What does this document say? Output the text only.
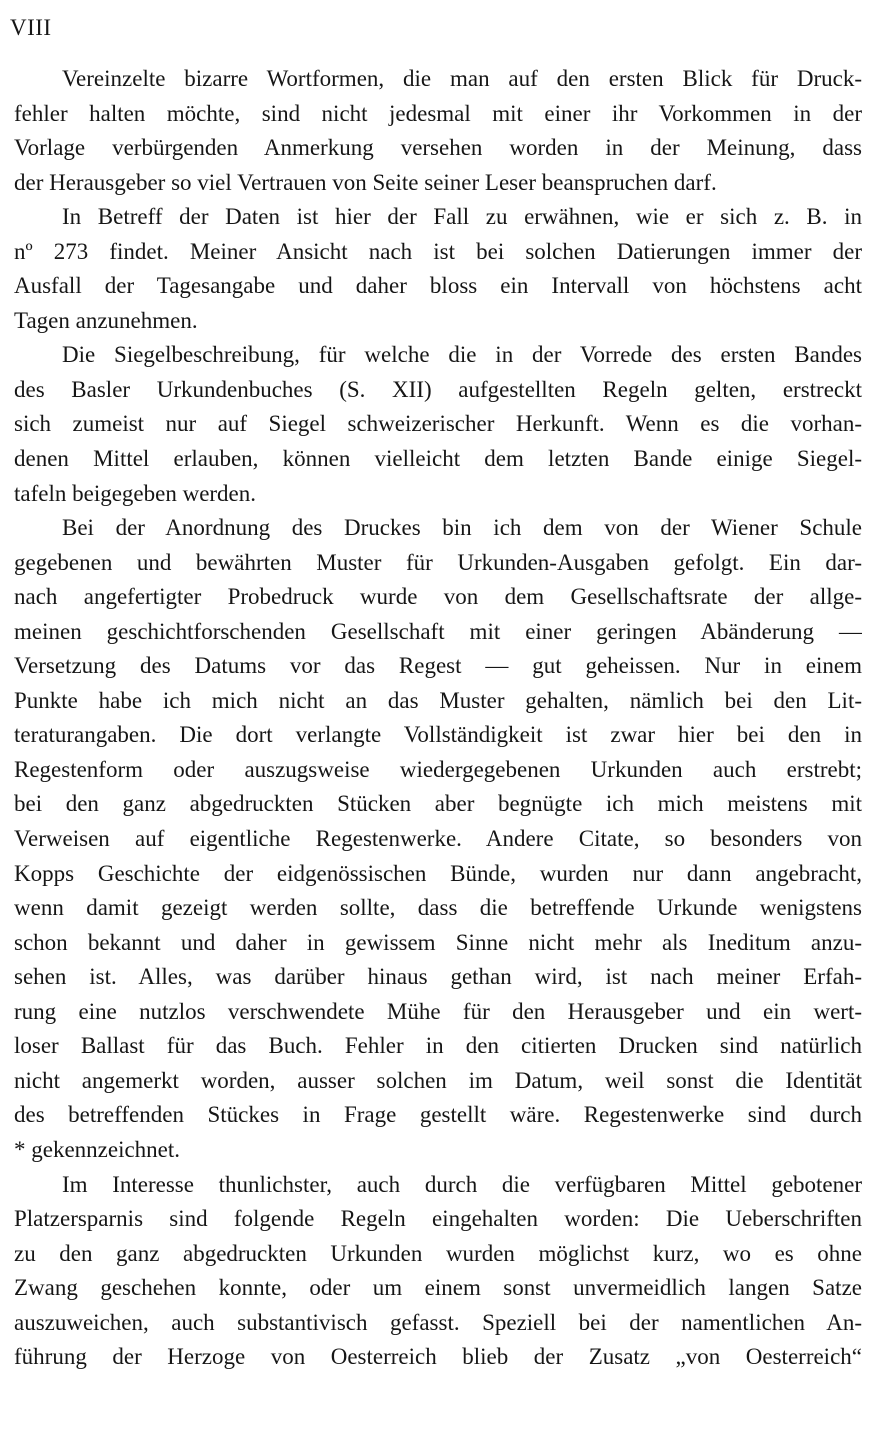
VIII
Vereinzelte bizarre Wortformen, die man auf den ersten Blick für Druck-
fehler halten möchte, sind nicht jedesmal mit einer ihr Vorkommen in der
Vorlage verbürgenden Anmerkung versehen worden in der Meinung, dass
der Herausgeber so viel Vertrauen von Seite seiner Leser beanspruchen darf.
In Betreff der Daten ist hier der Fall zu erwähnen, wie er sich z. B. in
nº 273 findet. Meiner Ansicht nach ist bei solchen Datierungen immer der
Ausfall der Tagesangabe und daher bloss ein Intervall von höchstens acht
Tagen anzunehmen.
Die Siegelbeschreibung, für welche die in der Vorrede des ersten Bandes
des Basler Urkundenbuches (S. XII) aufgestellten Regeln gelten, erstreckt
sich zumeist nur auf Siegel schweizerischer Herkunft. Wenn es die vorhan-
denen Mittel erlauben, können vielleicht dem letzten Bande einige Siegel-
tafeln beigegeben werden.
Bei der Anordnung des Druckes bin ich dem von der Wiener Schule
gegebenen und bewährten Muster für Urkunden-Ausgaben gefolgt. Ein dar-
nach angefertigter Probedruck wurde von dem Gesellschaftsrate der allge-
meinen geschichtforschenden Gesellschaft mit einer geringen Abänderung —
Versetzung des Datums vor das Regest — gut geheissen. Nur in einem
Punkte habe ich mich nicht an das Muster gehalten, nämlich bei den Lit-
teraturangaben. Die dort verlangte Vollständigkeit ist zwar hier bei den in
Regestenform oder auszugsweise wiedergegebenen Urkunden auch erstrebt;
bei den ganz abgedruckten Stücken aber begnügte ich mich meistens mit
Verweisen auf eigentliche Regestenwerke. Andere Citate, so besonders von
Kopps Geschichte der eidgenössischen Bünde, wurden nur dann angebracht,
wenn damit gezeigt werden sollte, dass die betreffende Urkunde wenigstens
schon bekannt und daher in gewissem Sinne nicht mehr als Ineditum anzu-
sehen ist. Alles, was darüber hinaus gethan wird, ist nach meiner Erfah-
rung eine nutzlos verschwendete Mühe für den Herausgeber und ein wert-
loser Ballast für das Buch. Fehler in den citierten Drucken sind natürlich
nicht angemerkt worden, ausser solchen im Datum, weil sonst die Identität
des betreffenden Stückes in Frage gestellt wäre. Regestenwerke sind durch
* gekennzeichnet.
Im Interesse thunlichster, auch durch die verfügbaren Mittel gebotener
Platzersparnis sind folgende Regeln eingehalten worden: Die Ueberschriften
zu den ganz abgedruckten Urkunden wurden möglichst kurz, wo es ohne
Zwang geschehen konnte, oder um einem sonst unvermeidlich langen Satze
auszuweichen, auch substantivisch gefasst. Speziell bei der namentlichen An-
führung der Herzoge von Oesterreich blieb der Zusatz „von Oesterreich“
